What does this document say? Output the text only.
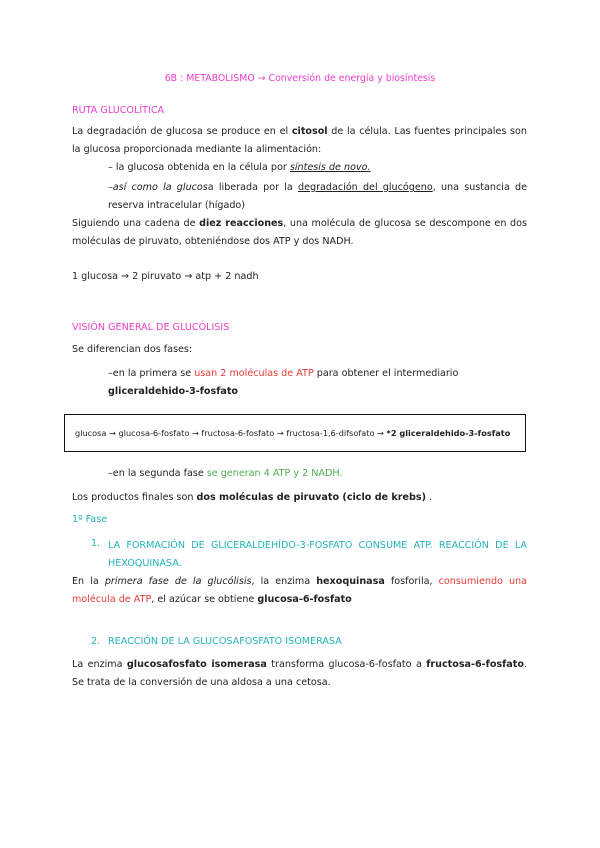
6B : METABOLISMO → Conversión de energía y biosíntesis
RUTA GLUCOLÍTICA
La degradación de glucosa se produce en el citosol de la célula. Las fuentes principales son la glucosa proporcionada mediante la alimentación:
– la glucosa obtenida en la célula por síntesis de novo.
–así como la glucosa liberada por la degradación del glucógeno, una sustancia de reserva intracelular (hígado)
Siguiendo una cadena de diez reacciones, una molécula de glucosa se descompone en dos moléculas de piruvato, obteniéndose dos ATP y dos NADH.
1 glucosa → 2 piruvato → atp + 2 nadh
VISIÓN GENERAL DE GLUCÓLISIS
Se diferencian dos fases:
–en la primera se usan 2 moléculas de ATP para obtener el intermediario
gliceraldehido-3-fosfato
glucosa → glucosa-6-fosfato → fructosa-6-fosfato → fructosa-1,6-difsofato → *2 gliceraldehido-3-fosfato
–en la segunda fase se generan 4 ATP y 2 NADH.
Los productos finales son dos moléculas de piruvato (ciclo de krebs) .
1º Fase
1. LA FORMACIÓN DE GLICERALDEHÍDO-3-FOSFATO CONSUME ATP. REACCIÓN DE LA HEXOQUINASA.
En la primera fase de la glucólisis, la enzima hexoquinasa fosforila, consumiendo una molécula de ATP, el azúcar se obtiene glucosa-6-fosfato
2. REACCIÓN DE LA GLUCOSAFOSFATO ISOMERASA
La enzima glucosafosfato isomerasa transforma glucosa-6-fosfato a fructosa-6-fosfato. Se trata de la conversión de una aldosa a una cetosa.
